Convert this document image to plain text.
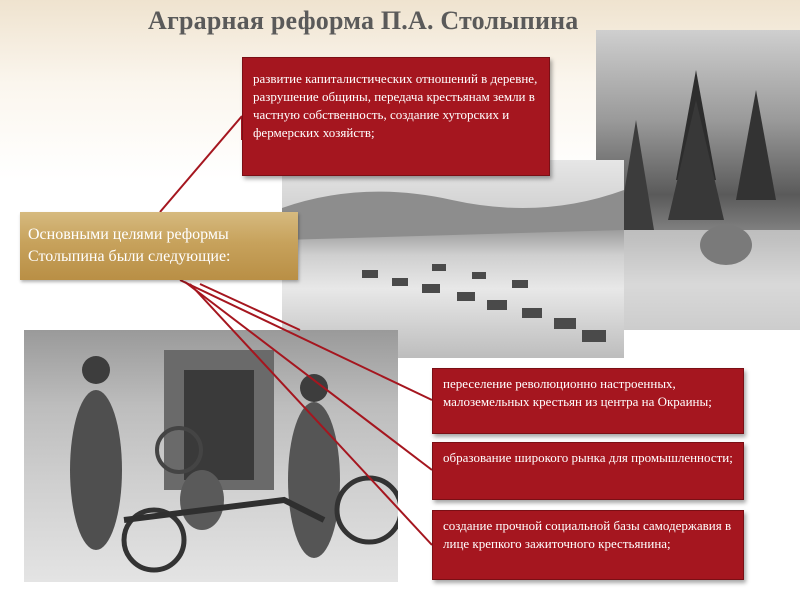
Аграрная реформа П.А. Столыпина
развитие капиталистических отношений в деревне, разрушение общины, передача крестьянам земли в частную собственность, создание хуторских и фермерских хозяйств;
Основными целями реформы Столыпина были следующие:
переселение революционно настроенных, малоземельных крестьян из центра на Окраины;
образование широкого рынка для промышленности;
создание прочной социальной базы самодержавия в лице крепкого зажиточного крестьянина;
